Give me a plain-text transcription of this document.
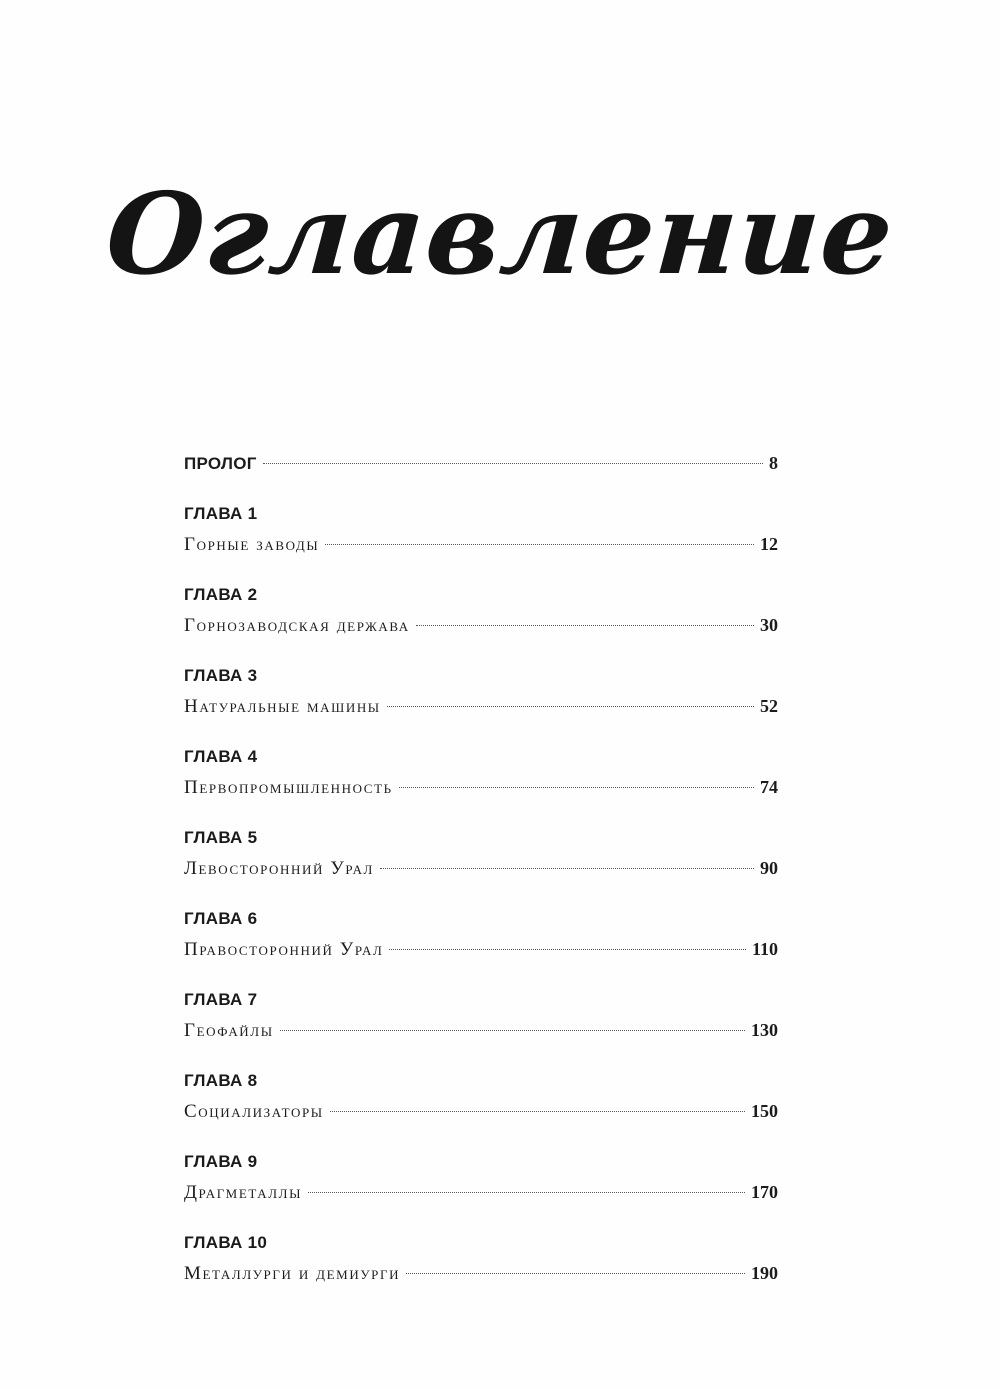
Оглавление
ПРОЛОГ	8
ГЛАВА 1
Горные заводы	12
ГЛАВА 2
Горнозаводская держава	30
ГЛАВА 3
Натуральные машины	52
ГЛАВА 4
Первопромышленность	74
ГЛАВА 5
Левосторонний Урал	90
ГЛАВА 6
Правосторонний Урал	110
ГЛАВА 7
Геофайлы	130
ГЛАВА 8
Социализаторы	150
ГЛАВА 9
Драгметаллы	170
ГЛАВА 10
Металлурги и демиурги	190
